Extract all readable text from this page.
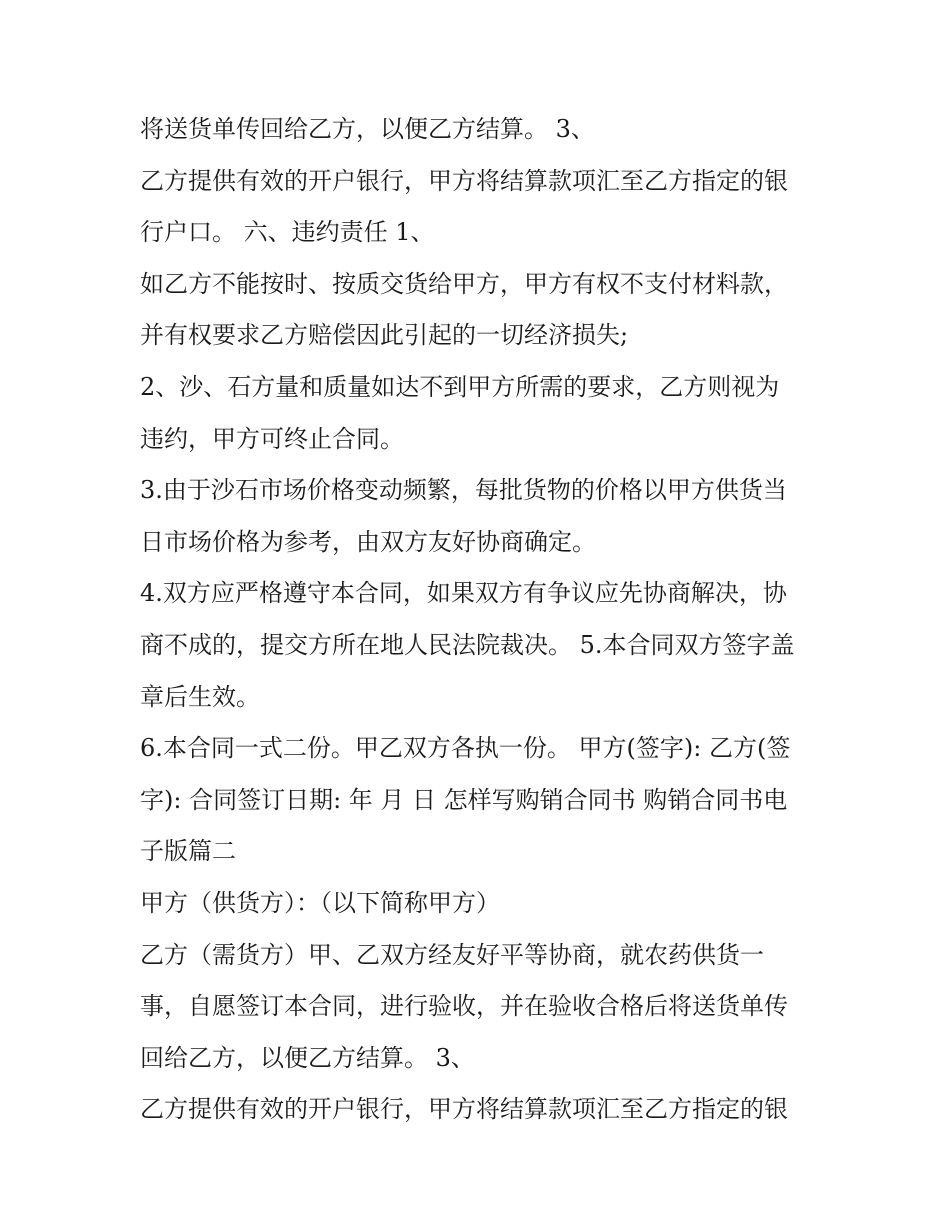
将送货单传回给乙方，以便乙方结算。 3、
乙方提供有效的开户银行，甲方将结算款项汇至乙方指定的银
行户口。 六、违约责任 1、
如乙方不能按时、按质交货给甲方，甲方有权不支付材料款，
并有权要求乙方赔偿因此引起的一切经济损失;
2、沙、石方量和质量如达不到甲方所需的要求，乙方则视为
违约，甲方可终止合同。
3.由于沙石市场价格变动频繁，每批货物的价格以甲方供货当
日市场价格为参考，由双方友好协商确定。
4.双方应严格遵守本合同，如果双方有争议应先协商解决，协
商不成的，提交方所在地人民法院裁决。 5.本合同双方签字盖
章后生效。
6.本合同一式二份。甲乙双方各执一份。 甲方(签字): 乙方(签
字): 合同签订日期: 年 月 日 怎样写购销合同书 购销合同书电
子版篇二
甲方（供货方）：（以下简称甲方）
乙方（需货方）甲、乙双方经友好平等协商，就农药供货一
事，自愿签订本合同，进行验收，并在验收合格后将送货单传
回给乙方，以便乙方结算。 3、
乙方提供有效的开户银行，甲方将结算款项汇至乙方指定的银
